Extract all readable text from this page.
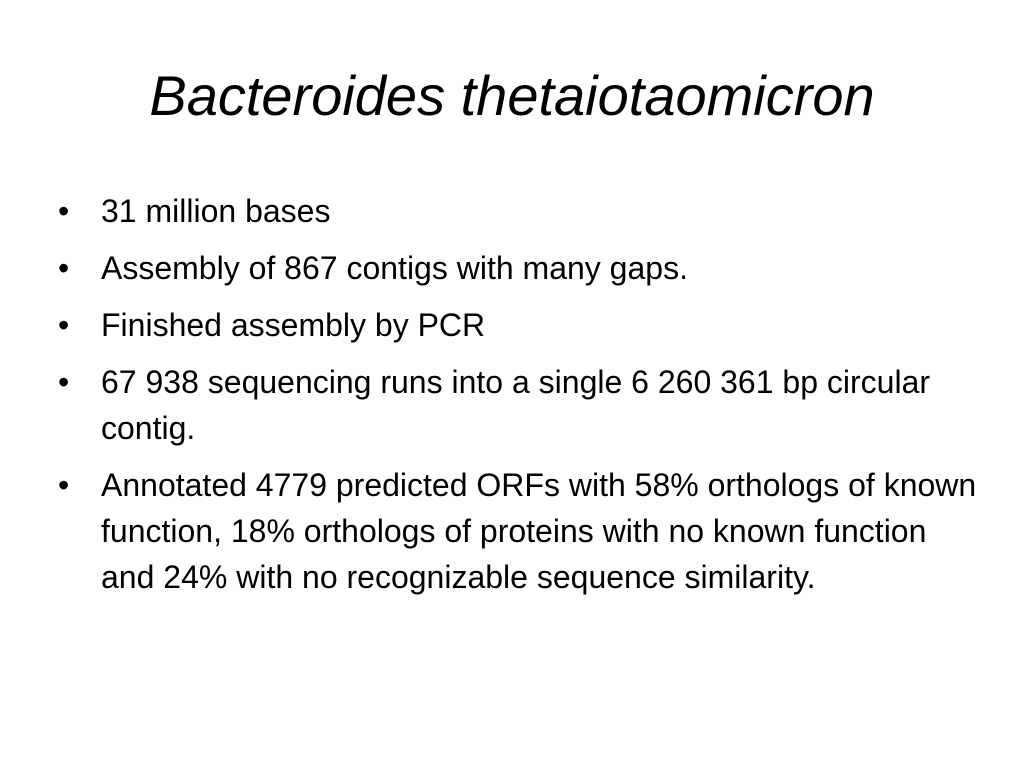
Bacteroides thetaiotaomicron
• 31 million bases
• Assembly of 867 contigs with many gaps.
• Finished assembly by PCR
• 67 938 sequencing runs into a single 6 260 361 bp circular contig.
• Annotated 4779 predicted ORFs with 58% orthologs of known function, 18% orthologs of proteins with no known function and 24% with no recognizable sequence similarity.
